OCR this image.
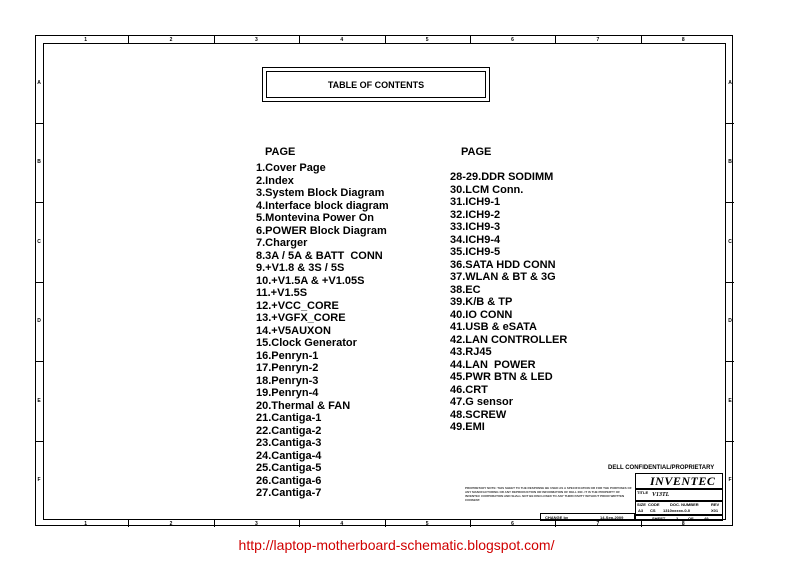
1	2	3	4	5	6	7	8
1	2	3	4	5	6	7	8
A
B
C
D
E
F
A
B
C
D
E
F
TABLE OF CONTENTS
PAGE
1.Cover Page
2.Index
3.System Block Diagram
4.Interface block diagram
5.Montevina Power On
6.POWER Block Diagram
7.Charger
8.3A / 5A & BATT  CONN
9.+V1.8 & 3S / 5S
10.+V1.5A & +V1.05S
11.+V1.5S
12.+VCC_CORE
13.+VGFX_CORE
14.+V5AUXON
15.Clock Generator
16.Penryn-1
17.Penryn-2
18.Penryn-3
19.Penryn-4
20.Thermal & FAN
21.Cantiga-1
22.Cantiga-2
23.Cantiga-3
24.Cantiga-4
25.Cantiga-5
26.Cantiga-6
27.Cantiga-7
PAGE
28-29.DDR SODIMM
30.LCM Conn.
31.ICH9-1
32.ICH9-2
33.ICH9-3
34.ICH9-4
35.ICH9-5
36.SATA HDD CONN
37.WLAN & BT & 3G
38.EC
39.K/B & TP
40.IO CONN
41.USB & eSATA
42.LAN CONTROLLER
43.RJ45
44.LAN  POWER
45.PWR BTN & LED
46.CRT
47.G sensor
48.SCREW
49.EMI
DELL CONFIDENTIAL/PROPRIETARY
INVENTEC
TITLE V13TL
SIZE
A3
CODE
CS
DOC. NUMBER
1310xxxxx-0-0
REV
X01
SHEET	2 OF	49
CHANGE by	14-Sep-2009
PROPRIETARY NOTE: THIS SHEET TO THE RESPONSE BE USED AS A SPECIFICATION OR FOR THE PURPOSES OF ANY MANUFACTURING OR ANY REPRODUCTION OR INFORMATION OF DELL INC. IT IS THE PROPERTY OF INVENTEC CORPORATION AND SHALL NOT BE DISCLOSED TO ANY THIRD PARTY WITHOUT PRIOR WRITTEN CONSENT.
http://laptop-motherboard-schematic.blogspot.com/
